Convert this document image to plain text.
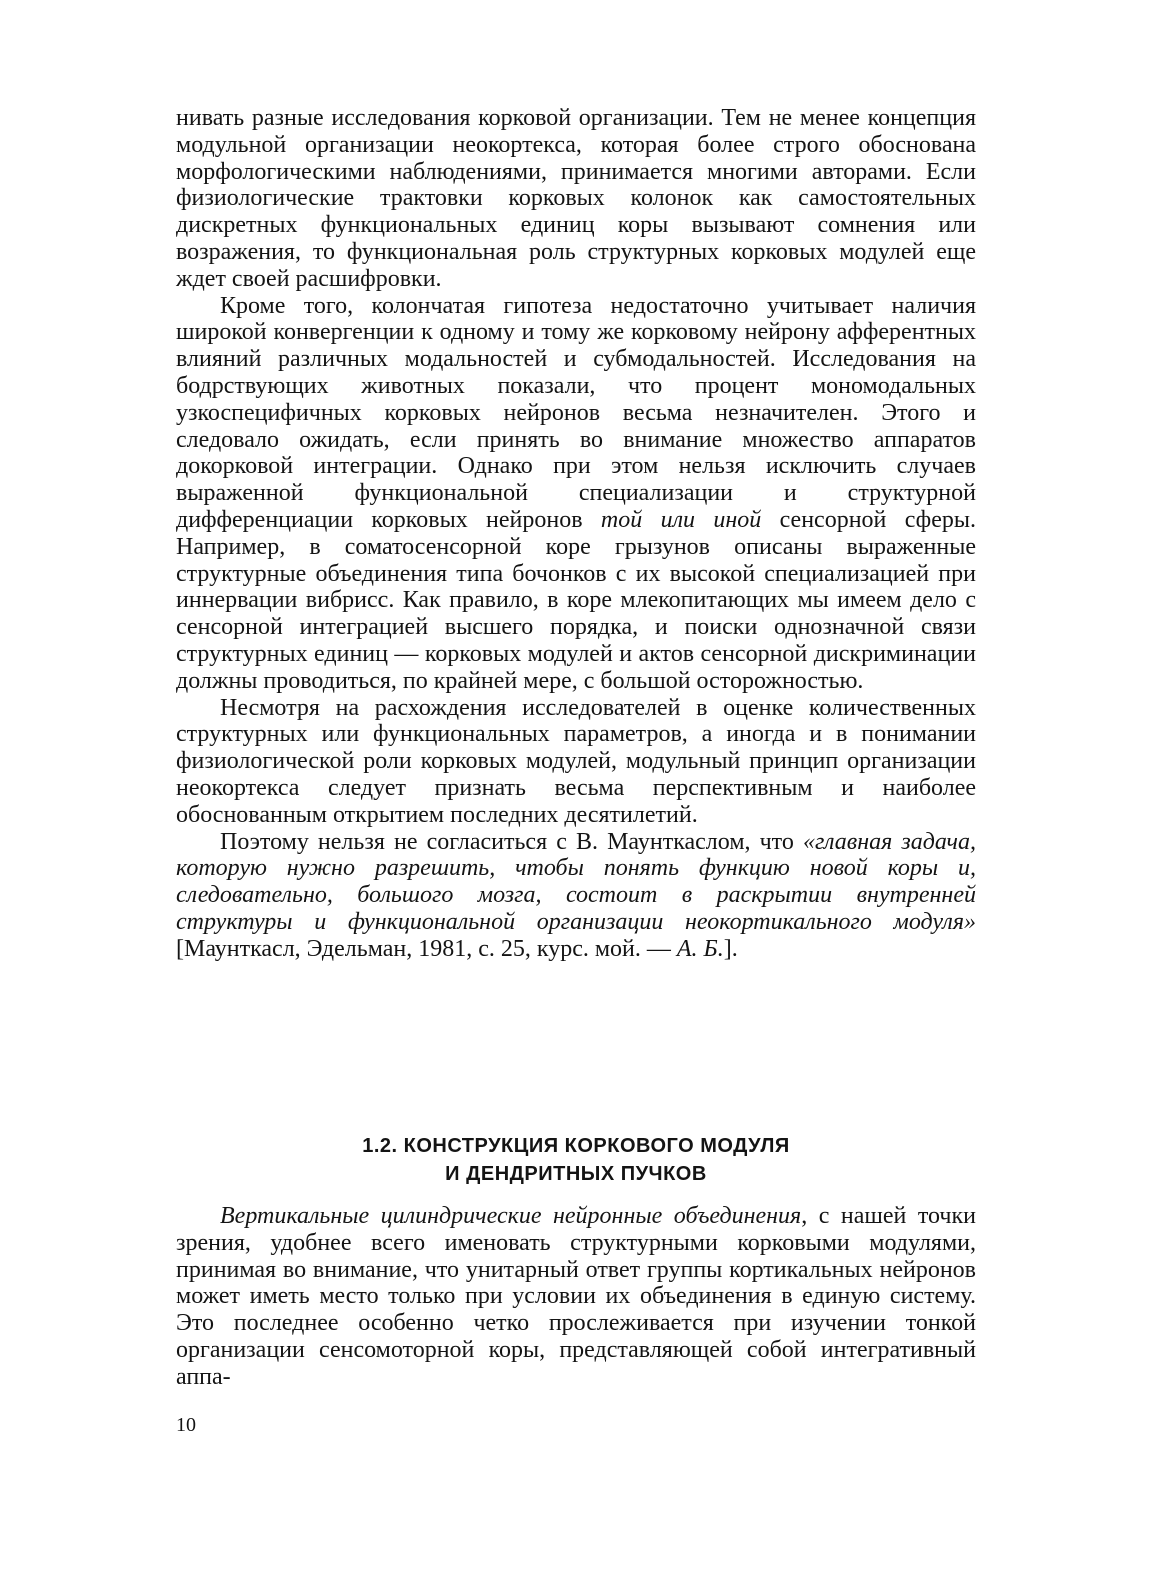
нивать разные исследования корковой организации. Тем не менее концепция модульной организации неокортекса, которая более строго обоснована морфологическими наблюдениями, принимается многими авторами. Если физиологические трактовки корковых колонок как самостоятельных дискретных функциональных единиц коры вызывают сомнения или возражения, то функциональная роль структурных корковых модулей еще ждет своей расшифровки.

Кроме того, колончатая гипотеза недостаточно учитывает наличия широкой конвергенции к одному и тому же корковому нейрону афферентных влияний различных модальностей и субмодальностей. Исследования на бодрствующих животных показали, что процент мономодальных узкоспецифичных корковых нейронов весьма незначителен. Этого и следовало ожидать, если принять во внимание множество аппаратов докорковой интеграции. Однако при этом нельзя исключить случаев выраженной функциональной специализации и структурной дифференциации корковых нейронов той или иной сенсорной сферы. Например, в соматосенсорной коре грызунов описаны выраженные структурные объединения типа бочонков с их высокой специализацией при иннервации вибрисс. Как правило, в коре млекопитающих мы имеем дело с сенсорной интеграцией высшего порядка, и поиски однозначной связи структурных единиц — корковых модулей и актов сенсорной дискриминации должны проводиться, по крайней мере, с большой осторожностью.

Несмотря на расхождения исследователей в оценке количественных структурных или функциональных параметров, а иногда и в понимании физиологической роли корковых модулей, модульный принцип организации неокортекса следует признать весьма перспективным и наиболее обоснованным открытием последних десятилетий.

Поэтому нельзя не согласиться с В. Маунткаслом, что «главная задача, которую нужно разрешить, чтобы понять функцию новой коры и, следовательно, большого мозга, состоит в раскрытии внутренней структуры и функциональной организации неокортикального модуля» [Маунткасл, Эдельман, 1981, с. 25, курс. мой. — А. Б.].

1.2. КОНСТРУКЦИЯ КОРКОВОГО МОДУЛЯ
И ДЕНДРИТНЫХ ПУЧКОВ

Вертикальные цилиндрические нейронные объединения, с нашей точки зрения, удобнее всего именовать структурными корковыми модулями, принимая во внимание, что унитарный ответ группы кортикальных нейронов может иметь место только при условии их объединения в единую систему. Это последнее особенно четко прослеживается при изучении тонкой организации сенсомоторной коры, представляющей собой интегративный аппа-

10
